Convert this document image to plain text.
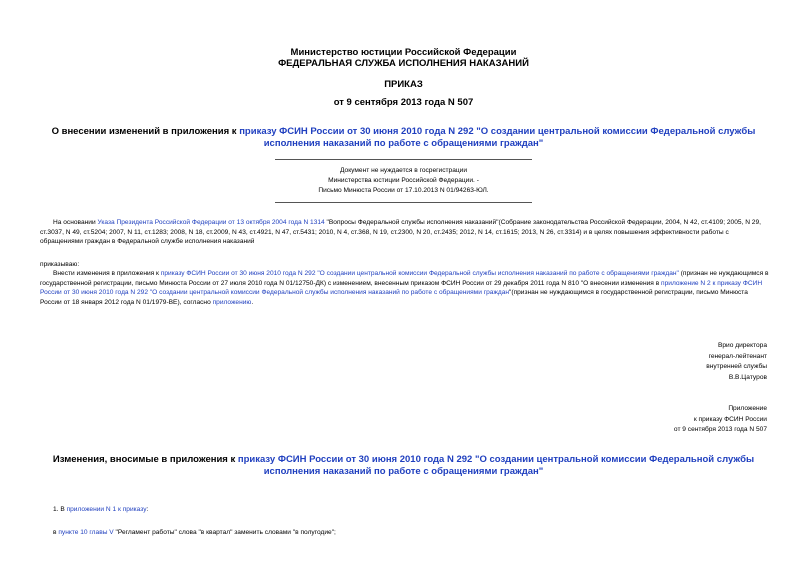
Министерство юстиции Российской Федерации
ФЕДЕРАЛЬНАЯ СЛУЖБА ИСПОЛНЕНИЯ НАКАЗАНИЙ
ПРИКАЗ
от 9 сентября 2013 года N 507
О внесении изменений в приложения к приказу ФСИН России от 30 июня 2010 года N 292 "О создании центральной комиссии Федеральной службы исполнения наказаний по работе с обращениями граждан"
Документ не нуждается в госрегистрации
Министерства юстиции Российской Федерации. -
Письмо Минюста России от 17.10.2013 N 01/94263-ЮЛ.
На основании Указа Президента Российской Федерации от 13 октября 2004 года N 1314 "Вопросы Федеральной службы исполнения наказаний"(Собрание законодательства Российской Федерации, 2004, N 42, ст.4109; 2005, N 29, ст.3037, N 49, ст.5204; 2007, N 11, ст.1283; 2008, N 18, ст.2009, N 43, ст.4921, N 47, ст.5431; 2010, N 4, ст.368, N 19, ст.2300, N 20, ст.2435; 2012, N 14, ст.1615; 2013, N 26, ст.3314) и в целях повышения эффективности работы с обращениями граждан в Федеральной службе исполнения наказаний
приказываю:
Внести изменения в приложения к приказу ФСИН России от 30 июня 2010 года N 292 "О создании центральной комиссии Федеральной службы исполнения наказаний по работе с обращениями граждан" (признан не нуждающимся в государственной регистрации, письмо Минюста России от 27 июля 2010 года N 01/12750-ДК) с изменением, внесенным приказом ФСИН России от 29 декабря 2011 года N 810 "О внесении изменения в приложение N 2 к приказу ФСИН России от 30 июня 2010 года N 292 "О создании центральной комиссии Федеральной службы исполнения наказаний по работе с обращениями граждан"(признан не нуждающимся в государственной регистрации, письмо Минюста России от 18 января 2012 года N 01/1979-ВЕ), согласно приложению.
Врио директора
генерал-лейтенант
внутренней службы
В.В.Цатуров
Приложение
к приказу ФСИН России
от 9 сентября 2013 года N 507
Изменения, вносимые в приложения к приказу ФСИН России от 30 июня 2010 года N 292 "О создании центральной комиссии Федеральной службы исполнения наказаний по работе с обращениями граждан"
1. В приложении N 1 к приказу:
в пункте 10 главы V "Регламент работы" слова "в квартал" заменить словами "в полугодие";
